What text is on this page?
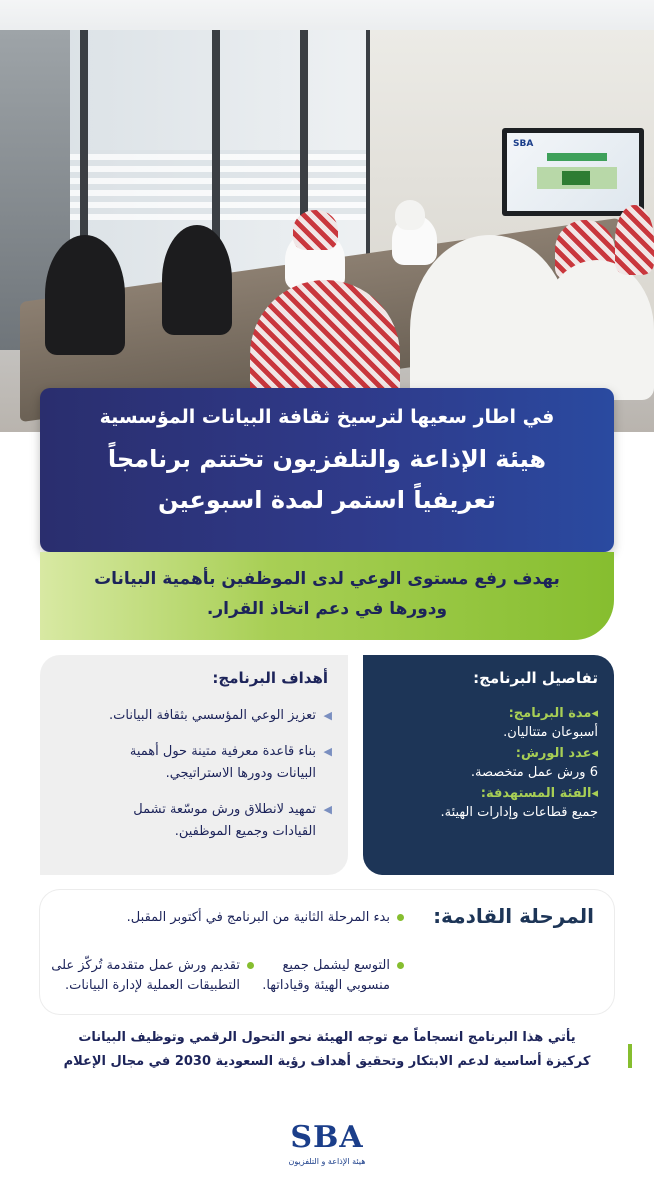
SBA
في اطار سعيها لترسيخ ثقافة البيانات المؤسسية
هيئة الإذاعة والتلفزيون تختتم برنامجاً
تعريفياً استمر لمدة اسبوعين
بهدف رفع مستوى الوعي لدى الموظفين بأهمية البيانات
ودورها في دعم اتخاذ القرار.
تفاصيل البرنامج:
◂ مدة البرنامج:
أسبوعان متتاليان.
◂ عدد الورش:
6 ورش عمل متخصصة.
◂ الفئة المستهدفة:
جميع قطاعات وإدارات الهيئة.
أهداف البرنامج:
◀
تعزيز الوعي المؤسسي بثقافة البيانات.
◀
بناء قاعدة معرفية متينة حول أهمية
البيانات ودورها الاستراتيجي.
◀
تمهيد لانطلاق ورش موسّعة تشمل
القيادات وجميع الموظفين.
المرحلة القادمة:
بدء المرحلة الثانية من البرنامج في أكتوبر المقبل.
التوسع ليشمل جميع
منسوبي الهيئة وقياداتها.
تقديم ورش عمل متقدمة تُركّز على
التطبيقات العملية لإدارة البيانات.
يأتي هذا البرنامج انسجاماً مع توجه الهيئة نحو التحول الرقمي وتوظيف البيانات
كركيزة أساسية لدعم الابتكار وتحقيق أهداف رؤية السعودية 2030 في مجال الإعلام
SBA
هيئة الإذاعة و التلفزيون
